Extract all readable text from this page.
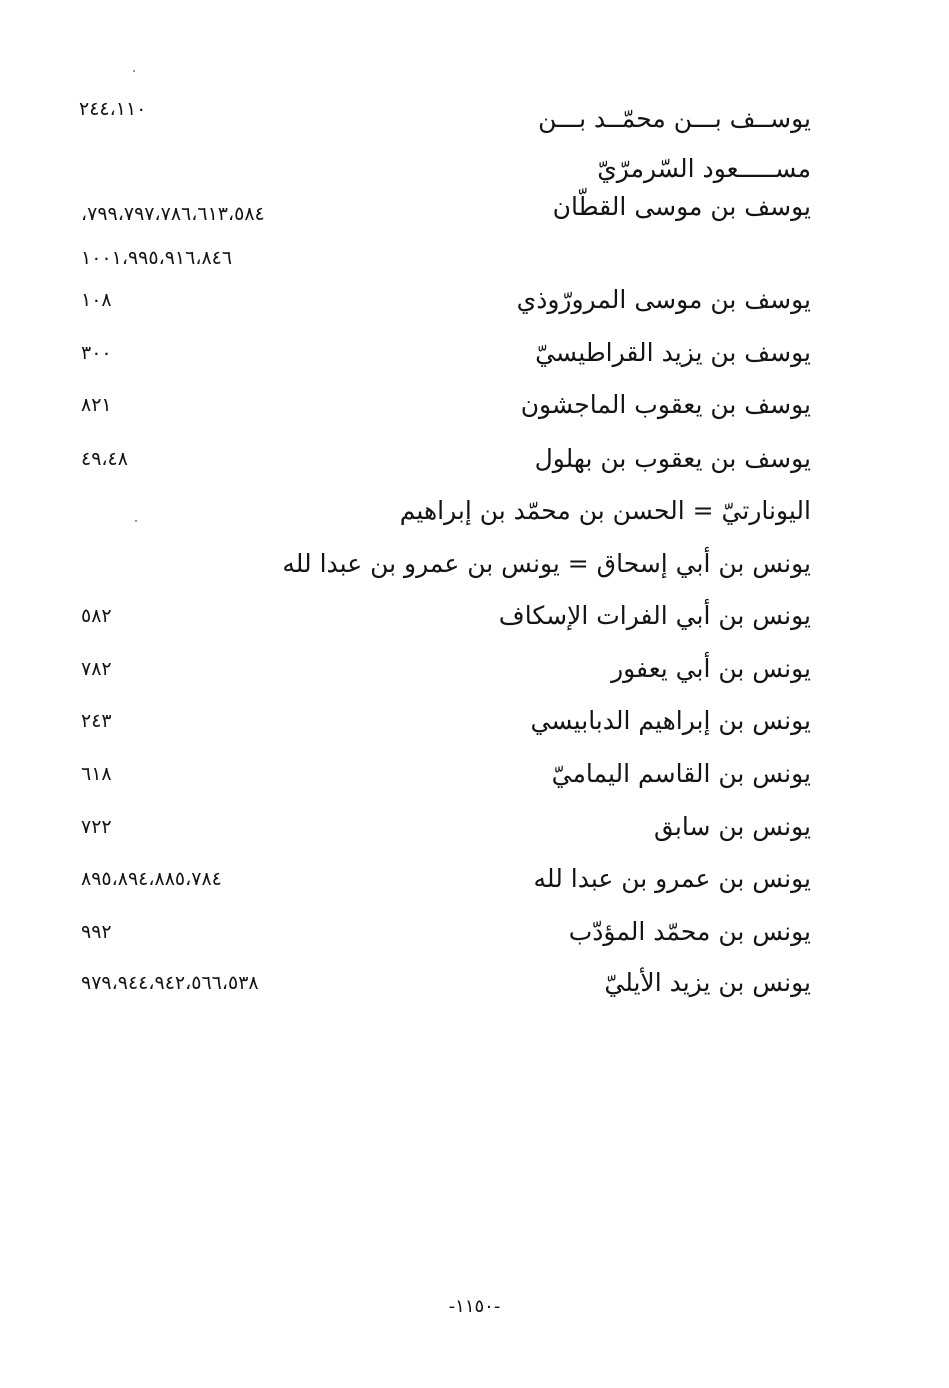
يوســف بـــن محمّــد بـــن مســـــعود السّرمرّيّ
٢٤٤،١١٠
يوسف بن موسى القطّان
٧٩٩،٧٩٧،٧٨٦،٦١٣،٥٨٤، ١٠٠١،٩٩٥،٩١٦،٨٤٦
يوسف بن موسى المرورّوذي
١٠٨
يوسف بن يزيد القراطيسيّ
٣٠٠
يوسف بن يعقوب الماجشون
٨٢١
يوسف بن يعقوب بن بهلول
٤٩،٤٨
اليونارتيّ = الحسن بن محمّد بن إبراهيم
يونس بن أبي إسحاق = يونس بن عمرو بن عبدا لله
يونس بن أبي الفرات الإسكاف
٥٨٢
يونس بن أبي يعفور
٧٨٢
يونس بن إبراهيم الدبابيسي
٢٤٣
يونس بن القاسم اليماميّ
٦١٨
يونس بن سابق
٧٢٢
يونس بن عمرو بن عبدا لله
٨٩٥،٨٩٤،٨٨٥،٧٨٤
يونس بن محمّد المؤدّب
٩٩٢
يونس بن يزيد الأيليّ
٩٧٩،٩٤٤،٩٤٢،٥٦٦،٥٣٨
-١١٥٠-
